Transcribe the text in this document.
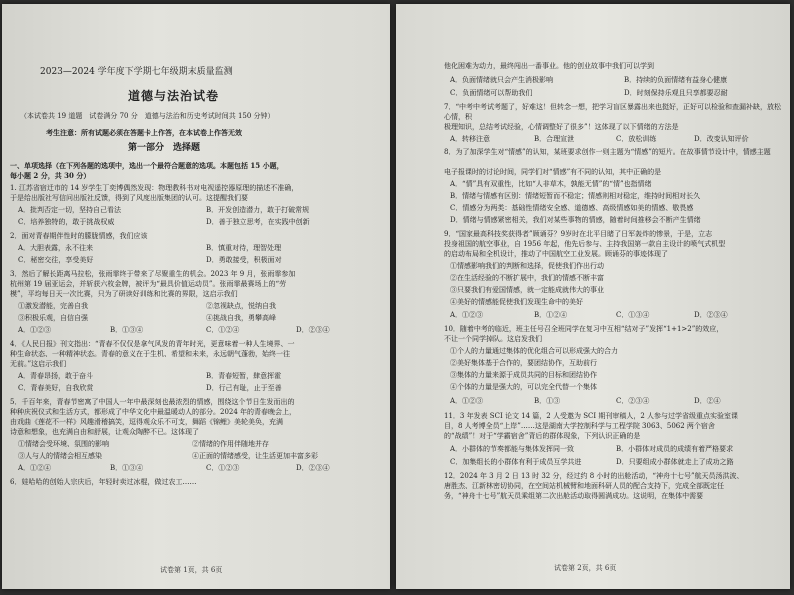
2023—2024 学年度下学期七年级期末质量监测
道德与法治试卷
（本试卷共 19 道题　试卷满分 70 分　道德与法治和历史考试时间共 150 分钟）
考生注意：所有试题必须在答题卡上作答，在本试卷上作答无效
第一部分　选择题
一、单项选择（在下列各题的选项中，选出一个最符合题意的选项。本题包括 15 小题，
每小题 2 分，共 30 分）
1. 江苏省宿迁市的 14 岁学生丁奕博偶然发现：物理教科书对电视遥控器原理的描述不准确，
于是给出版社写信问出版社反馈，得到了风度出版集团的认可。这提醒我们要
A．批判否定一切，坚持自己看法	B．开发创造潜力，敢于打破常规
C．培养独特的，敢于挑战权威	D．善于独立思考，在实践中创新
2．面对青春期伴性时的朦胧情感，我们应该
A．大胆表露，永不往来	B．慎重对待，理智处理
C．秘密交往，享受美好	D．勇敢接受，积极面对
3．然后了解长距离马拉松，张雨霏终于带来了尽聚重生的机会。2023 年 9 月，张雨霏参加
杭州第 19 届亚运会，并斩获六枚金牌，被评为“最具价值运动员”。张雨霏最赛场上的“劳
模”，平均每日天一次比赛，只为了研读好训练和比赛的界限，这启示我们
①激发潜能，完善自我	②忽视缺点，悦纳自我
③积极乐观，自信自强	④挑战自我，勇攀高峰
A．①②③	B．①③④	C．①②④	D．②③④
4．《人民日报》刊文指出：“青春不仅仅是拿气风发的青年时光，更意味着一种人生境界、一
种生命状态、一种精神状态。青春的意义在于生机、希望和未来，永远朝气蓬勃，始终一往
无前。”这启示我们
A．青春昂扬，敢于奋斗	B．青春短暂，肆意挥霍
C．青春美好，自我欣赏	D．行己有耻，止于至善
5．千百年来，青春节密寓了中国人一年中最深刻也最浓烈的情感，围绕这个节日生发而出的
种种庆祝仪式和生活方式，都形成了中华文化中最温暖动人的部分。2024 年的青春晚会上，
由戏曲《莲花不一样》风趣滑稽搞笑，逗得观众乐不可支，舞蹈《锦鲤》美轮美奂，充满
诗意和想象，也充满自由和舒展，让观众陶醉不已。这体现了
①情绪会受环境、氛围的影响	②情绪的作用伴随地并存
③人与人的情绪会相互感染	④正面的情绪感受，让生活更加丰富多彩
A．①②④	B．①③④	C．①②③	D．②③④
6．娃哈哈的创始人宗庆后，年轻时卖过冰棍，做过农工……
试卷第 1页，共 6页
他化困难为动力，最终闯出一番事业。他的创业故事中我们可以学到
A．负面情绪就只会产生消极影响	B．持续的负面情绪有益身心健康
C．负面情绪可以帮助我们	D．时刻保持乐观且只享都要忍耐
7．“中考中考试考题了，好难这！但转念一想，把学习盲区暴露出来也挺好，正好可以检验和查漏补缺，放松心情，积
极理知识，总结考试经验，心情调整好了很多”！这体现了以下情绪的方法是
A．转移注意	B．合理宣泄	C．放松训练	D．改变认知评价
8．为了加深学生对“情感”的认知，某班要求创作一则主题为“情感”的短片。在故事情节设计中，情感主题
电子报课时的讨论时间，同学们对“情感”有不同的认知，其中正确的是
A．“情”具有双重性，比如“人非草木，孰能无情”的“情”也指情绪
B．情绪与情感有区别：情绪短暂而不稳定；情感则相对稳定，维持时间相对长久
C．情感分为两类：基础性情绪安全感、道德感、高级情感如美的情感、敬畏感
D．情绪与情感紧密相关，我们对某些事物的情感，随着时间推移会不断产生情绪
9．“国家最高科技奖获得者”顾诵芬？9岁时在北平目睹了日军轰炸的惨景，于是，立志
投身祖国的航空事业，自 1956 年起，他先后参与、主持我国第一款自主设计的喷气式机型
的启动布局和全机设计，推动了中国航空工业发展。顾诵芬的事迹体现了
①情感影响我们的判断和选择，促使我们作出行动
②在生活经验的不断扩展中，我们的情感不断丰富
③只要我们有爱国情感，就一定能成就伟大的事业
④美好的情感能促使我们发现生命中的美好
A．①②③	B．①②④	C．①③④	D．②③④
10．随着中考的临近，班主任号召全班同学在复习中互相“结对子”发挥“1+1>2”的效应，
不让一个同学掉队。这启发我们
①个人的力量通过集体的优化组合可以形成强大的合力
②美好集体基于合作的，要团结协作，互助前行
③集体的力量来源于成员共同的目标和团结协作
④个体的力量是强大的，可以完全代替一个集体
A．①②③	B．①③	C．②③④	D．②④
11．3 年发表 SCI 论文 14 篇，2 人受邀为 SCI 期刊审稿人，2 人参与过学省级重点实验室课
目，8 人考博全员“上岸”……这是湖南大学控制科学与工程学院 3063、5062 两个宿舍
的“战绩”！对于“学霸宿舍”背后的群体现象，下列认识正确的是
A．小群体的节奏都能与集体发挥同一致	B．小群体对成员的成绩有着严格要求
C．加集组长的小群体有利于成员互学共进	D．只要组成小群体就走上了成功之路
12．2024 年 3 月 2 日 13 时 32 分，经过约 8 小时的出舱活动，“神舟十七号”航天员汤洪波、
唐胜杰、江新林密切协同，在空间站机械臂和地面科研人员的配合支持下，完成全部既定任
务，“神舟十七号”航天员乘组第二次出舱活动取得圆满成功。这说明，在集体中需要
试卷第 2页，共 6页
